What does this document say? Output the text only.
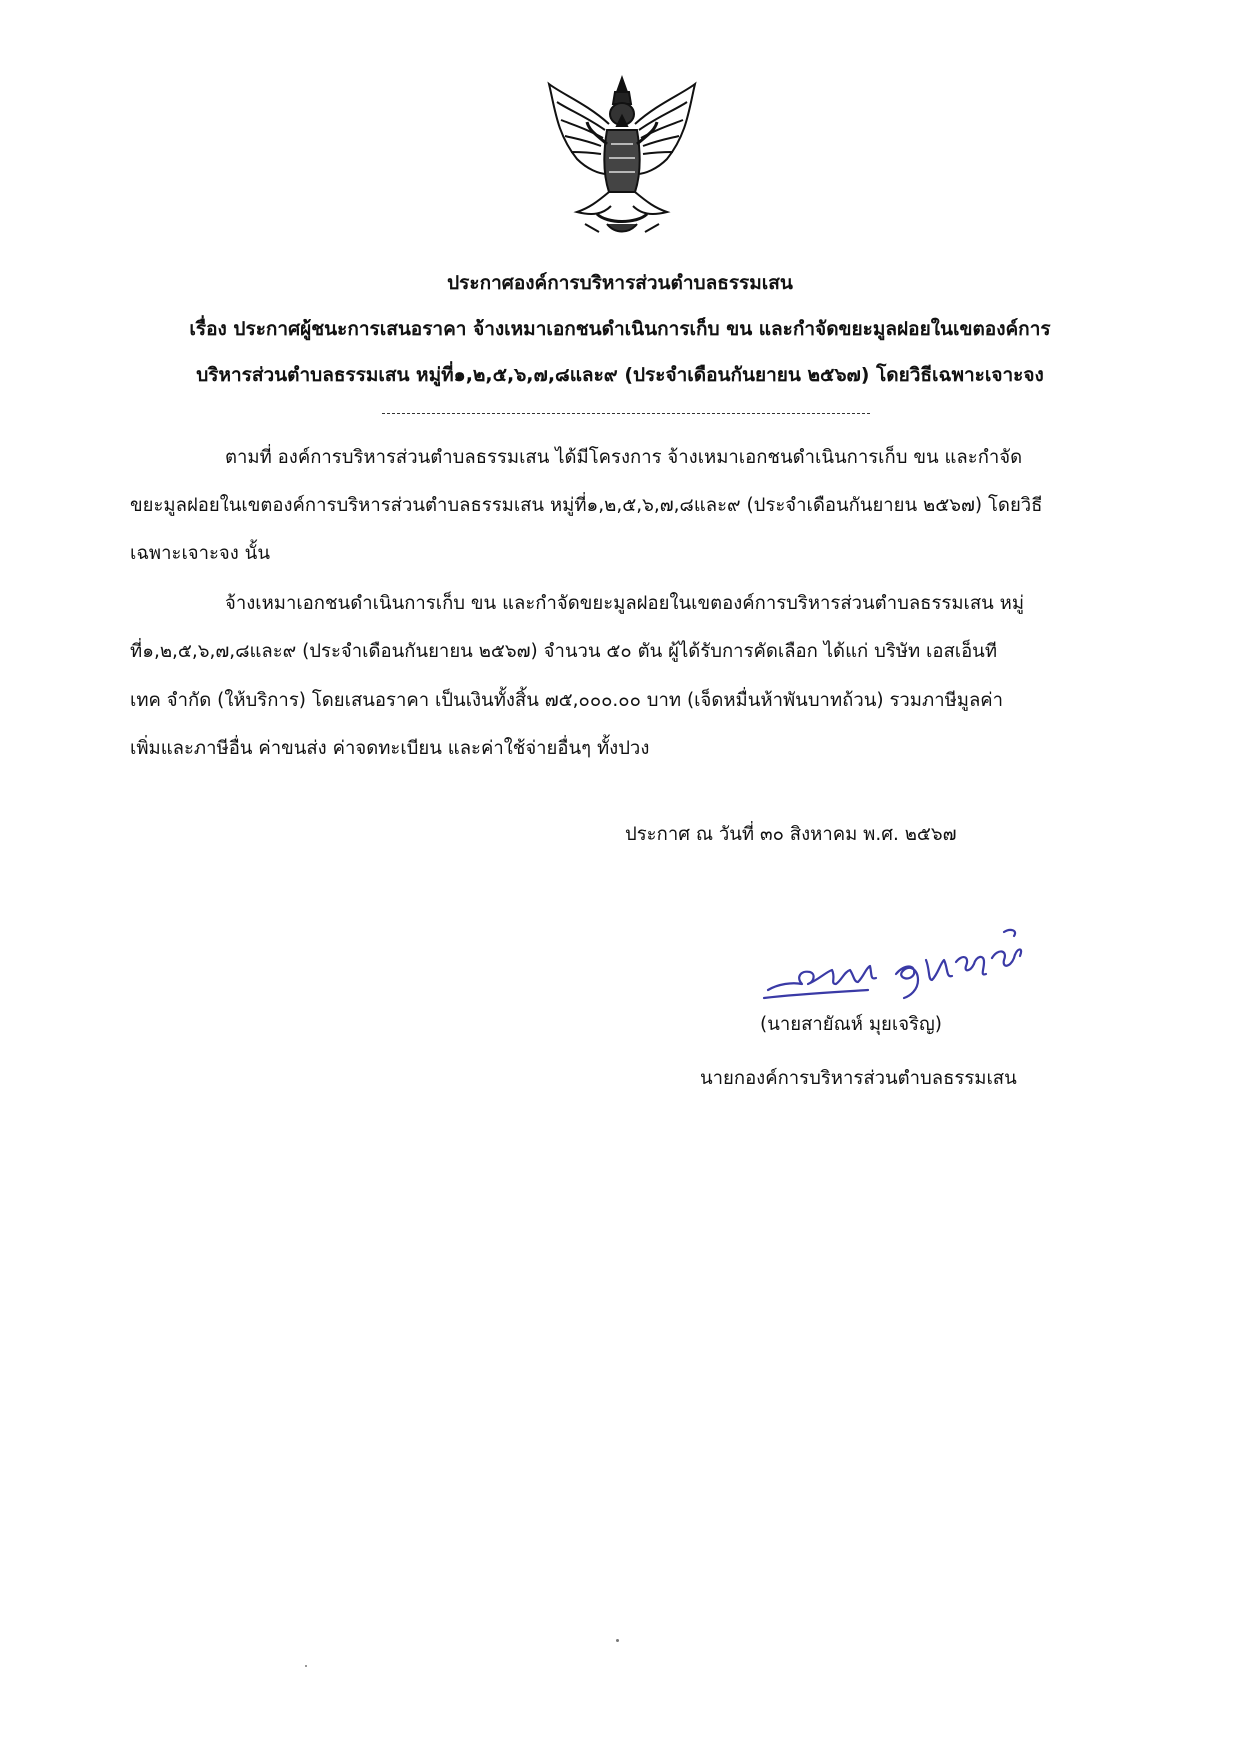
ประกาศองค์การบริหารส่วนตำบลธรรมเสน
เรื่อง ประกาศผู้ชนะการเสนอราคา จ้างเหมาเอกชนดำเนินการเก็บ ขน และกำจัดขยะมูลฝอยในเขตองค์การ
บริหารส่วนตำบลธรรมเสน หมู่ที่๑,๒,๕,๖,๗,๘และ๙ (ประจำเดือนกันยายน ๒๕๖๗) โดยวิธีเฉพาะเจาะจง
ตามที่ องค์การบริหารส่วนตำบลธรรมเสน ได้มีโครงการ จ้างเหมาเอกชนดำเนินการเก็บ ขน และกำจัด
ขยะมูลฝอยในเขตองค์การบริหารส่วนตำบลธรรมเสน หมู่ที่๑,๒,๕,๖,๗,๘และ๙ (ประจำเดือนกันยายน ๒๕๖๗) โดยวิธี
เฉพาะเจาะจง นั้น
จ้างเหมาเอกชนดำเนินการเก็บ ขน และกำจัดขยะมูลฝอยในเขตองค์การบริหารส่วนตำบลธรรมเสน หมู่
ที่๑,๒,๕,๖,๗,๘และ๙ (ประจำเดือนกันยายน ๒๕๖๗) จำนวน ๕๐ ตัน ผู้ได้รับการคัดเลือก ได้แก่ บริษัท เอสเอ็นที
เทค จำกัด (ให้บริการ) โดยเสนอราคา เป็นเงินทั้งสิ้น ๗๕,๐๐๐.๐๐ บาท (เจ็ดหมื่นห้าพันบาทถ้วน) รวมภาษีมูลค่า
เพิ่มและภาษีอื่น ค่าขนส่ง ค่าจดทะเบียน และค่าใช้จ่ายอื่นๆ ทั้งปวง
ประกาศ ณ วันที่ ๓๐ สิงหาคม พ.ศ. ๒๕๖๗
(นายสายัณห์ มุยเจริญ)
นายกองค์การบริหารส่วนตำบลธรรมเสน
